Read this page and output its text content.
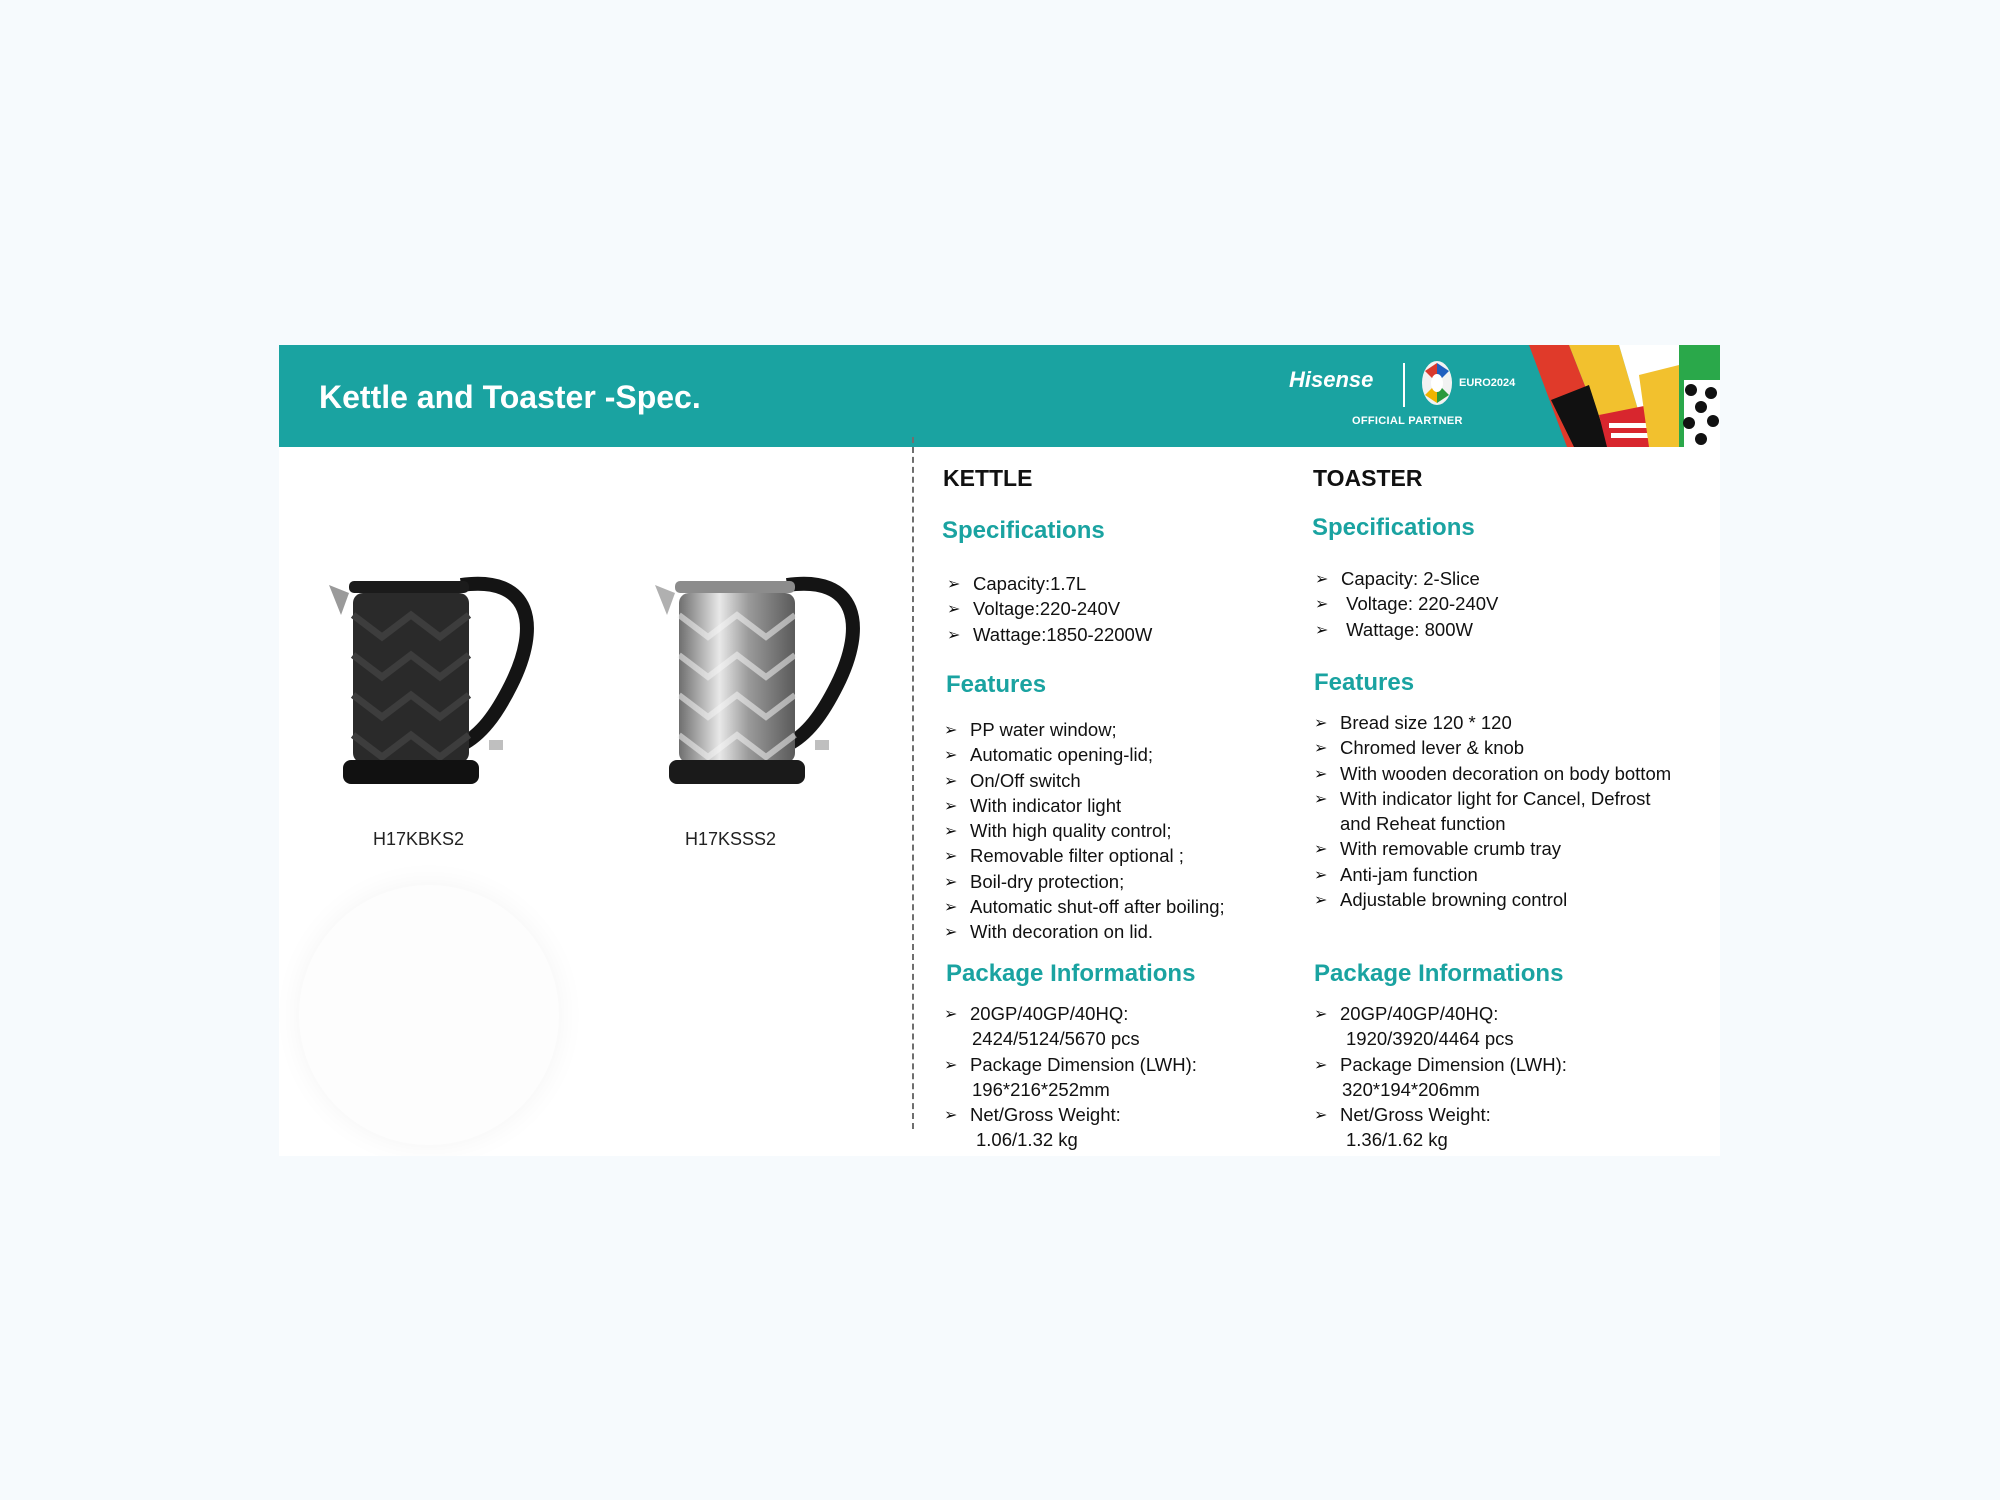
Kettle and Toaster -Spec.	Hisense	EURO2024
OFFICIAL PARTNER
H17KBKS2	H17KSSS2
KETTLE
Specifications
➢ Capacity:1.7L
➢ Voltage:220-240V
➢ Wattage:1850-2200W
Features
➢ PP water window;
➢ Automatic opening-lid;
➢ On/Off switch
➢ With indicator light
➢ With high quality control;
➢ Removable filter optional ;
➢ Boil-dry protection;
➢ Automatic shut-off after boiling;
➢ With decoration on lid.
Package Informations
➢ 20GP/40GP/40HQ:
2424/5124/5670 pcs
➢ Package Dimension (LWH):
196*216*252mm
➢ Net/Gross Weight:
1.06/1.32 kg
TOASTER
Specifications
➢ Capacity: 2-Slice
➢  Voltage: 220-240V
➢  Wattage: 800W
Features
➢ Bread size 120 * 120
➢ Chromed lever & knob
➢ With wooden decoration on body bottom
➢ With indicator light for Cancel, Defrost
and Reheat function
➢ With removable crumb tray
➢ Anti-jam function
➢ Adjustable browning control
Package Informations
➢ 20GP/40GP/40HQ:
1920/3920/4464 pcs
➢ Package Dimension (LWH):
320*194*206mm
➢ Net/Gross Weight:
1.36/1.62 kg
